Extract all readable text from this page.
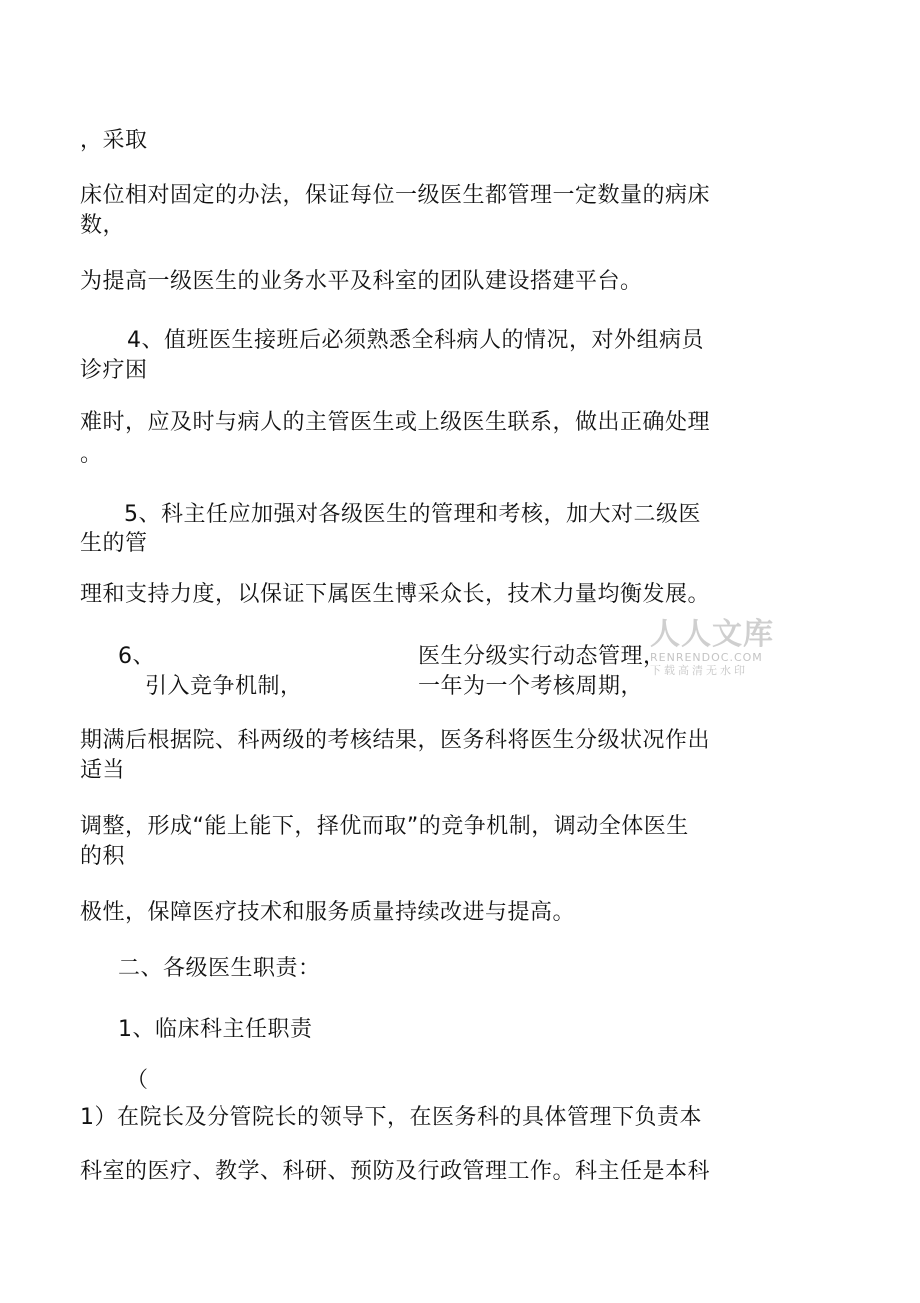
，采取
床位相对固定的办法，保证每位一级医生都管理一定数量的病床
数，
为提高一级医生的业务水平及科室的团队建设搭建平台。
4、值班医生接班后必须熟悉全科病人的情况，对外组病员
诊疗困
难时，应及时与病人的主管医生或上级医生联系，做出正确处理
。
5、科主任应加强对各级医生的管理和考核，加大对二级医
生的管
理和支持力度，以保证下属医生博采众长，技术力量均衡发展。
6、	医生分级实行动态管理，
引入竞争机制，	一年为一个考核周期，
期满后根据院、科两级的考核结果，医务科将医生分级状况作出
适当
调整，形成“能上能下，择优而取”的竞争机制，调动全体医生
的积
极性，保障医疗技术和服务质量持续改进与提高。
二、各级医生职责：
1、临床科主任职责
（
1）在院长及分管院长的领导下，在医务科的具体管理下负责本
科室的医疗、教学、科研、预防及行政管理工作。科主任是本科
人人文库
RENRENDOC.COM
下载高清无水印
